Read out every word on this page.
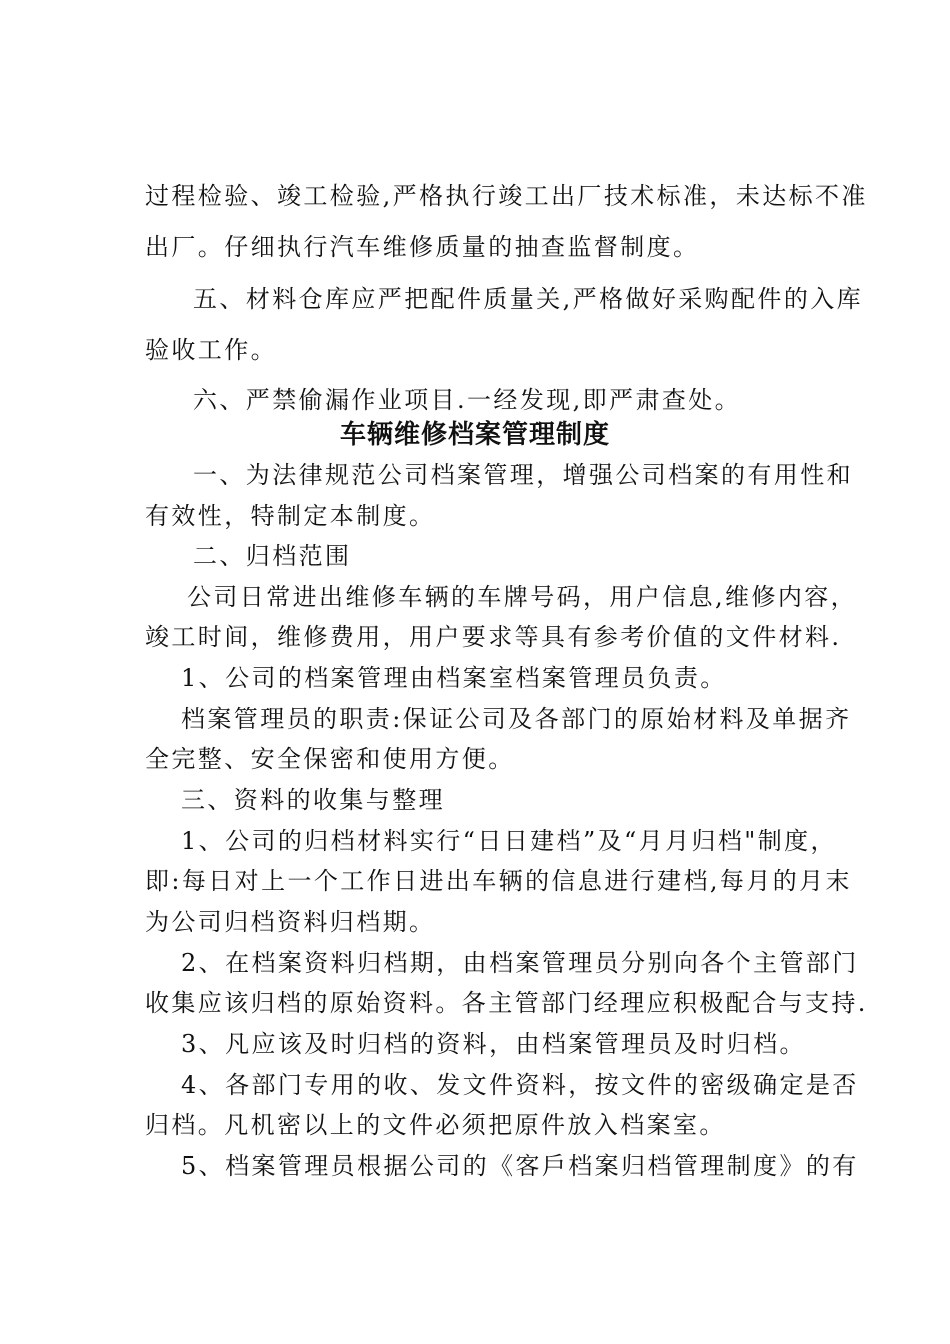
过程检验、竣工检验,严格执行竣工出厂技术标准，未达标不准
出厂。仔细执行汽车维修质量的抽查监督制度。
五、材料仓库应严把配件质量关,严格做好采购配件的入库
验收工作。
六、严禁偷漏作业项目.一经发现,即严肃查处。
车辆维修档案管理制度
一、为法律规范公司档案管理，增强公司档案的有用性和
有效性，特制定本制度。
二、归档范围
公司日常进出维修车辆的车牌号码，用户信息,维修内容，
竣工时间，维修费用，用户要求等具有参考价值的文件材料.
1、公司的档案管理由档案室档案管理员负责。
档案管理员的职责:保证公司及各部门的原始材料及单据齐
全完整、安全保密和使用方便。
三、资料的收集与整理
1、公司的归档材料实行“日日建档”及“月月归档"制度，
即:每日对上一个工作日进出车辆的信息进行建档,每月的月末
为公司归档资料归档期。
2、在档案资料归档期，由档案管理员分别向各个主管部门
收集应该归档的原始资料。各主管部门经理应积极配合与支持.
3、凡应该及时归档的资料，由档案管理员及时归档。
4、各部门专用的收、发文件资料，按文件的密级确定是否
归档。凡机密以上的文件必须把原件放入档案室。
5、档案管理员根据公司的《客戶档案归档管理制度》的有
